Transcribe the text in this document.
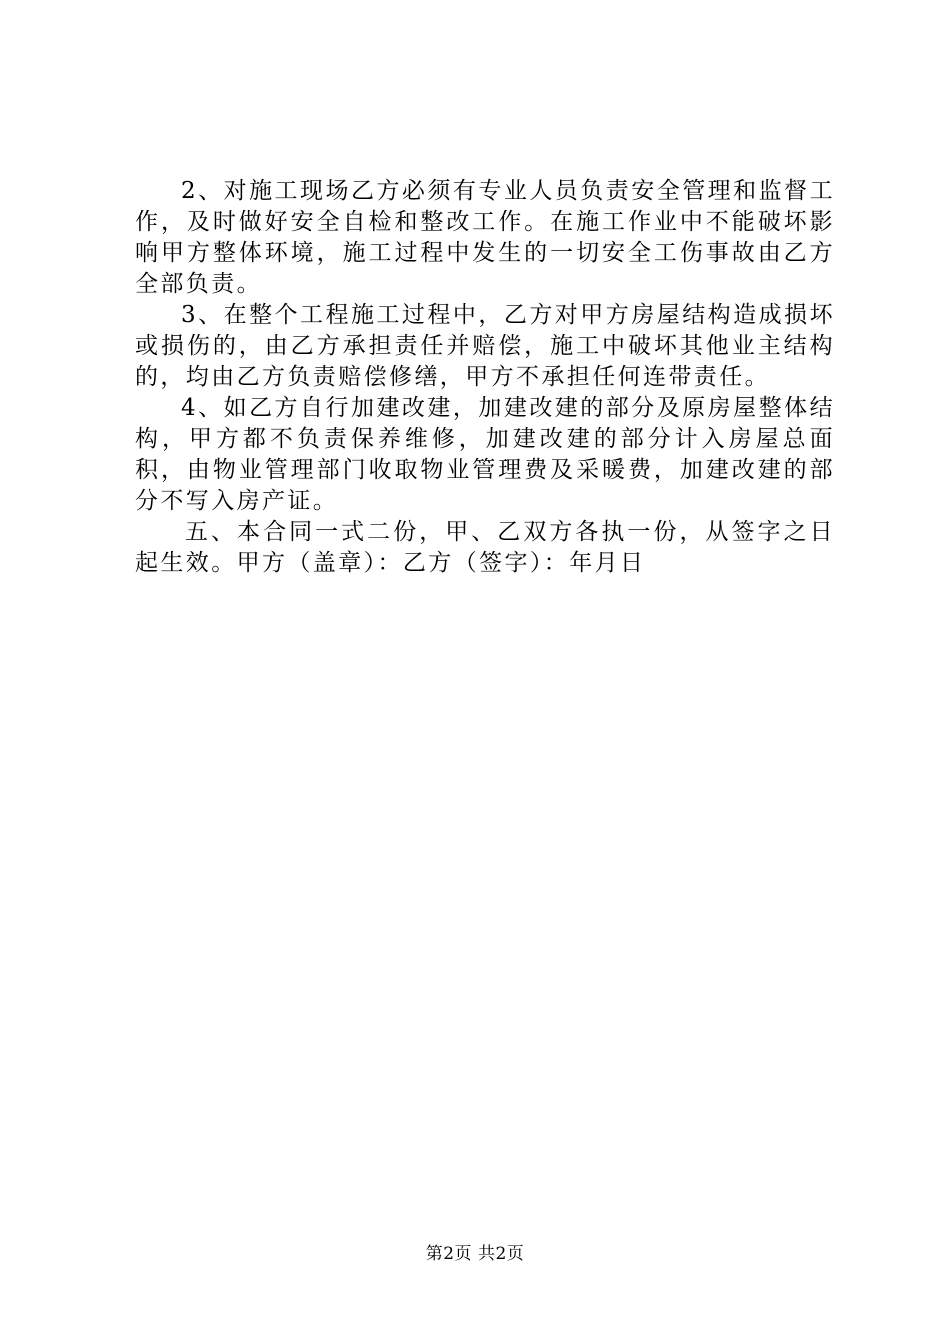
2、对施工现场乙方必须有专业人员负责安全管理和监督工作，及时做好安全自检和整改工作。在施工作业中不能破坏影响甲方整体环境，施工过程中发生的一切安全工伤事故由乙方全部负责。

3、在整个工程施工过程中，乙方对甲方房屋结构造成损坏或损伤的，由乙方承担责任并赔偿，施工中破坏其他业主结构的，均由乙方负责赔偿修缮，甲方不承担任何连带责任。

4、如乙方自行加建改建，加建改建的部分及原房屋整体结构，甲方都不负责保养维修，加建改建的部分计入房屋总面积，由物业管理部门收取物业管理费及采暖费，加建改建的部分不写入房产证。

五、本合同一式二份，甲、乙双方各执一份，从签字之日起生效。甲方（盖章）：乙方（签字）：年月日

第2页 共2页
